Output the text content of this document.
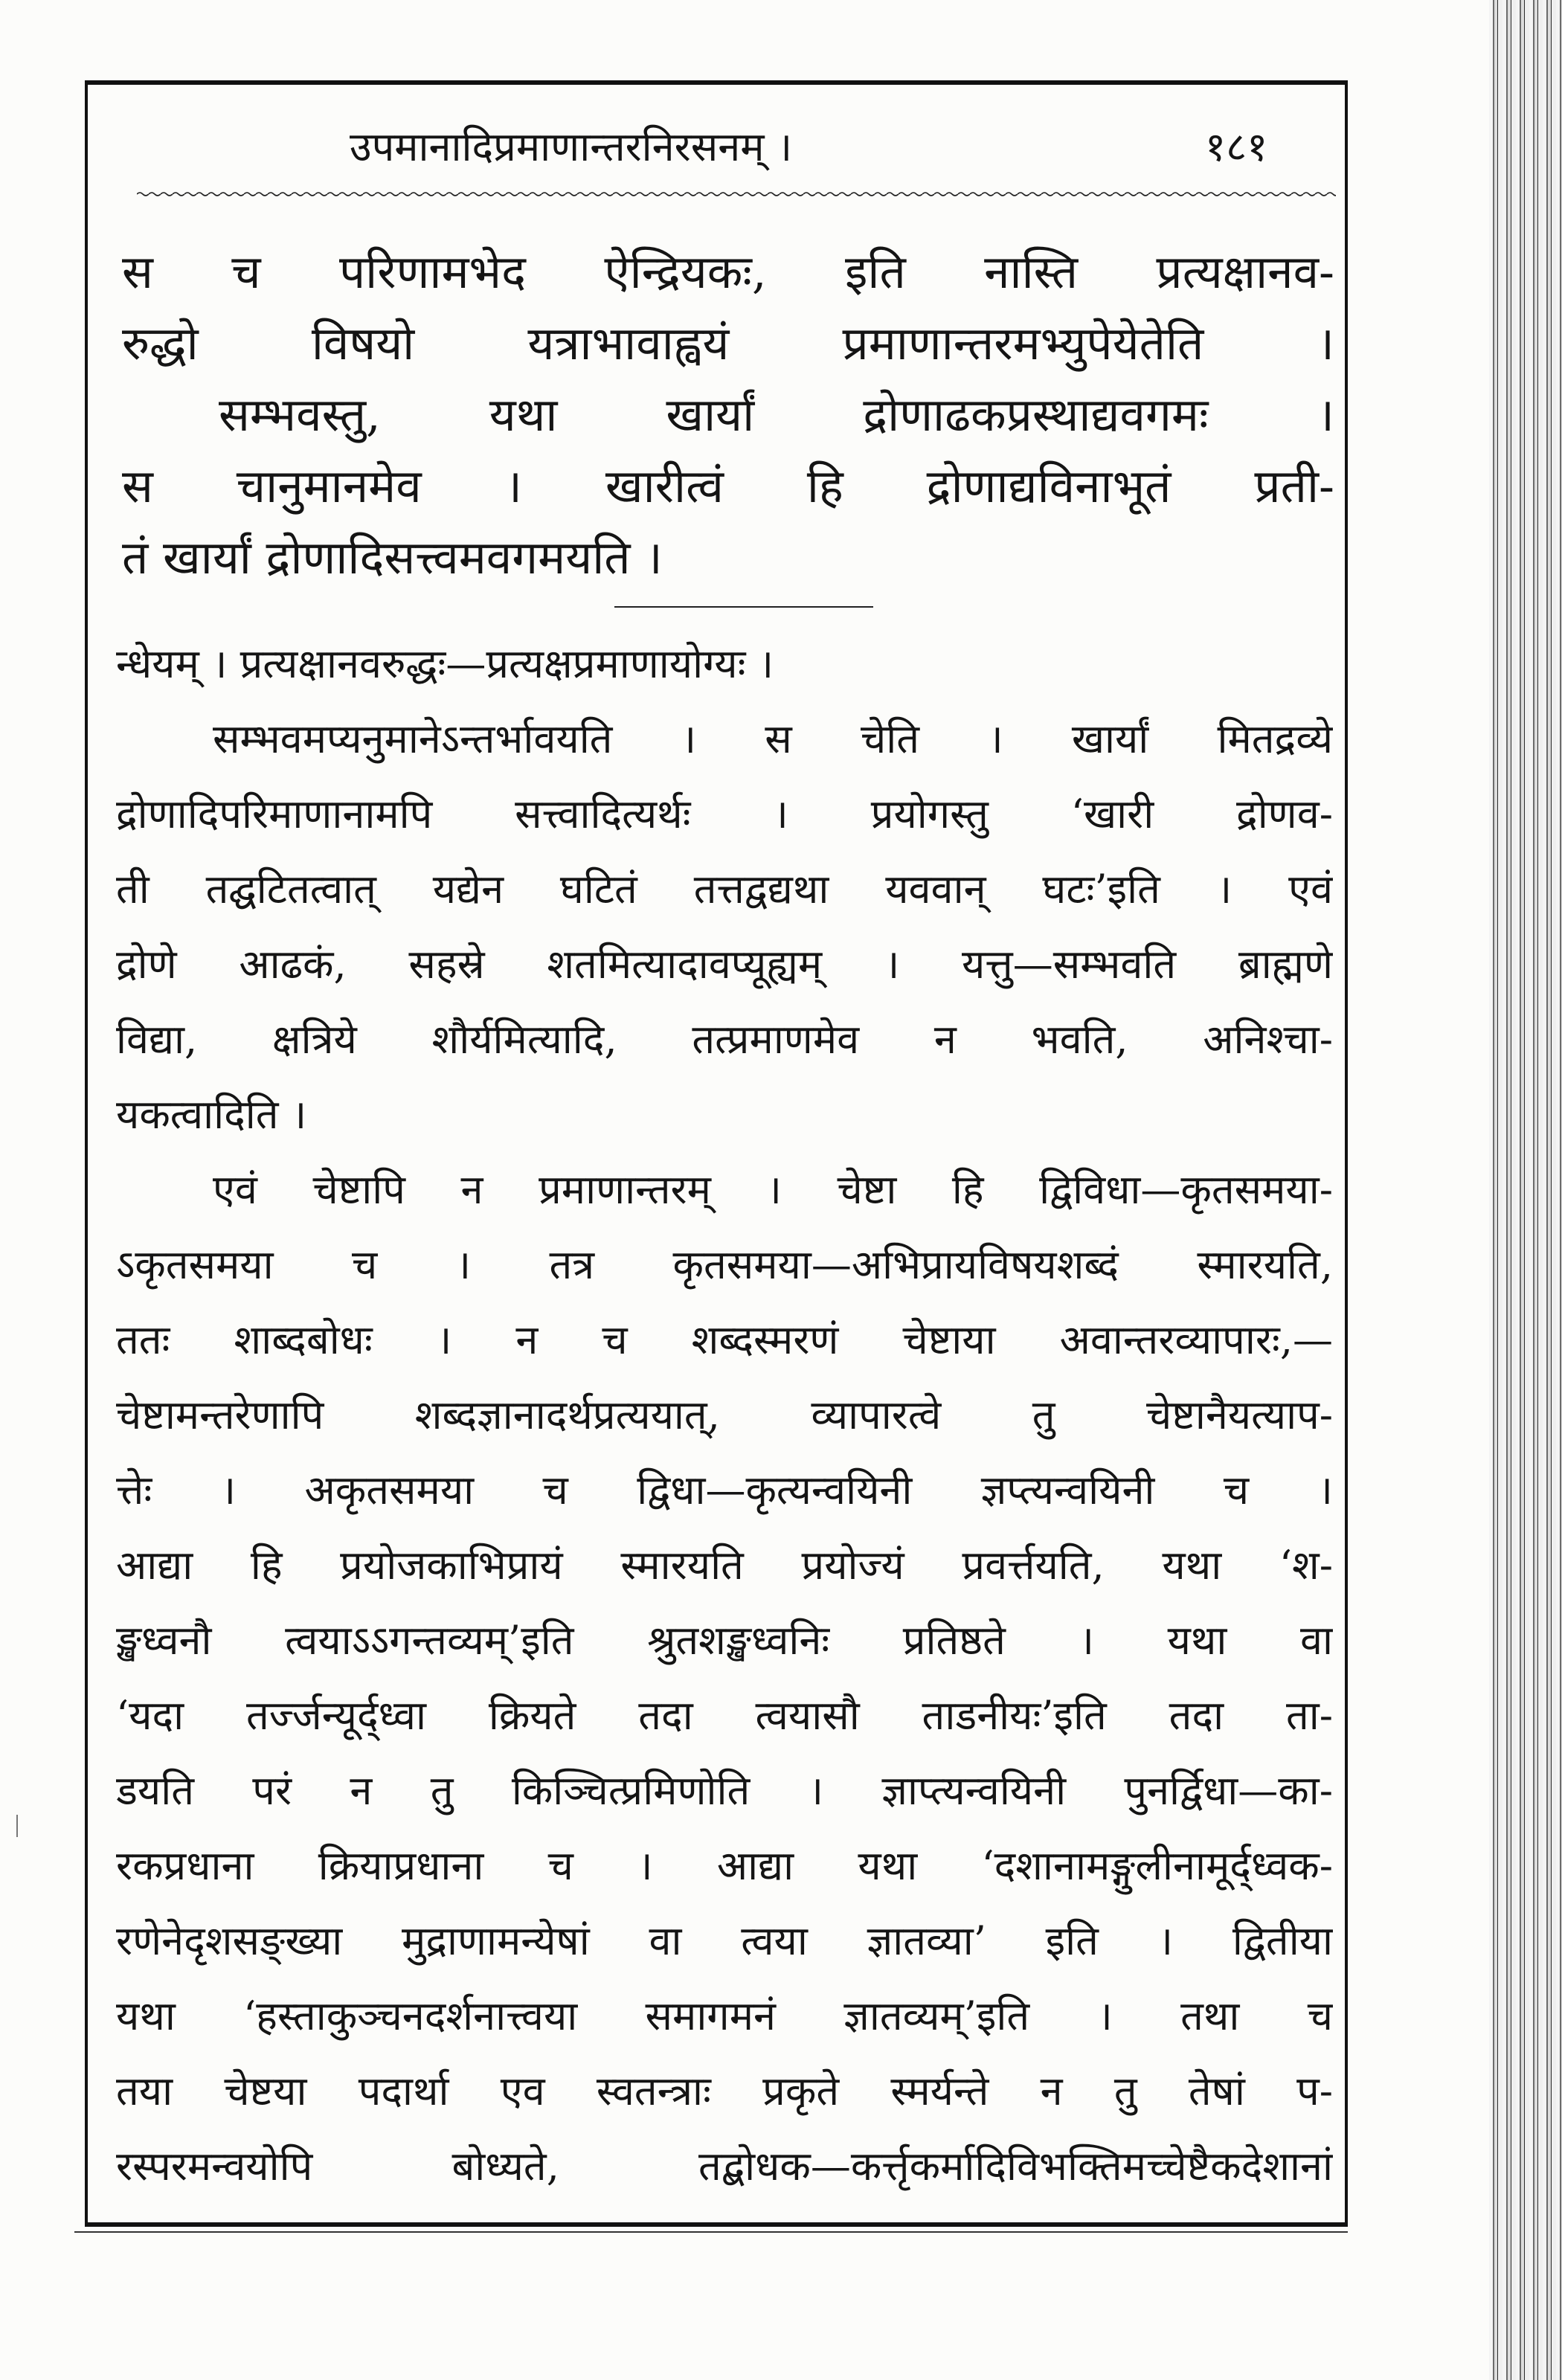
उपमानादिप्रमाणान्तरनिरसनम् ।	१८१
स च परिणामभेद ऐन्द्रियकः, इति नास्ति प्रत्यक्षानव-
रुद्धो विषयो यत्राभावाह्वयं प्रमाणान्तरमभ्युपेयेतेति ।
सम्भवस्तु, यथा खार्यां द्रोणाढकप्रस्थाद्यवगमः ।
स चानुमानमेव । खारीत्वं हि द्रोणाद्यविनाभूतं प्रती-
तं खार्यां द्रोणादिसत्त्वमवगमयति ।
न्धेयम् । प्रत्यक्षानवरुद्धः—प्रत्यक्षप्रमाणायोग्यः ।
सम्भवमप्यनुमानेऽन्तर्भावयति । स चेति । खार्यां मितद्रव्ये
द्रोणादिपरिमाणानामपि सत्त्वादित्यर्थः । प्रयोगस्तु ‘खारी द्रोणव-
ती तद्घटितत्वात् यद्येन घटितं तत्तद्वद्यथा यववान् घटः’इति । एवं
द्रोणे आढकं, सहस्रे शतमित्यादावप्यूह्यम् । यत्तु—सम्भवति ब्राह्मणे
विद्या, क्षत्रिये शौर्यमित्यादि, तत्प्रमाणमेव न भवति, अनिश्चा-
यकत्वादिति ।
एवं चेष्टापि न प्रमाणान्तरम् । चेष्टा हि द्विविधा—कृतसमया-
ऽकृतसमया च । तत्र कृतसमया—अभिप्रायविषयशब्दं स्मारयति,
ततः शाब्दबोधः । न च शब्दस्मरणं चेष्टाया अवान्तरव्यापारः,—
चेष्टामन्तरेणापि शब्दज्ञानादर्थप्रत्ययात्, व्यापारत्वे तु चेष्टानैयत्याप-
त्तेः । अकृतसमया च द्विधा—कृत्यन्वयिनी ज्ञप्त्यन्वयिनी च ।
आद्या हि प्रयोजकाभिप्रायं स्मारयति प्रयोज्यं प्रवर्त्तयति, यथा ‘श-
ङ्खध्वनौ त्वयाऽऽगन्तव्यम्’इति श्रुतशङ्खध्वनिः प्रतिष्ठते । यथा वा
‘यदा तर्ज्जन्यूर्द्ध्वा क्रियते तदा त्वयासौ ताडनीयः’इति तदा ता-
डयति परं न तु किञ्चित्प्रमिणोति । ज्ञाप्त्यन्वयिनी पुनर्द्विधा—का-
रकप्रधाना क्रियाप्रधाना च । आद्या यथा ‘दशानामङ्गुलीनामूर्द्ध्वक-
रणेनेदृशसङ्ख्या मुद्राणामन्येषां वा त्वया ज्ञातव्या’ इति । द्वितीया
यथा ‘हस्ताकुञ्चनदर्शनात्त्वया समागमनं ज्ञातव्यम्’इति । तथा च
तया चेष्टया पदार्था एव स्वतन्त्राः प्रकृते स्मर्यन्ते न तु तेषां प-
रस्परमन्वयोपि बोध्यते, तद्बोधक—कर्त्तृकर्मादिविभक्तिमच्चेष्टैकदेशानां
